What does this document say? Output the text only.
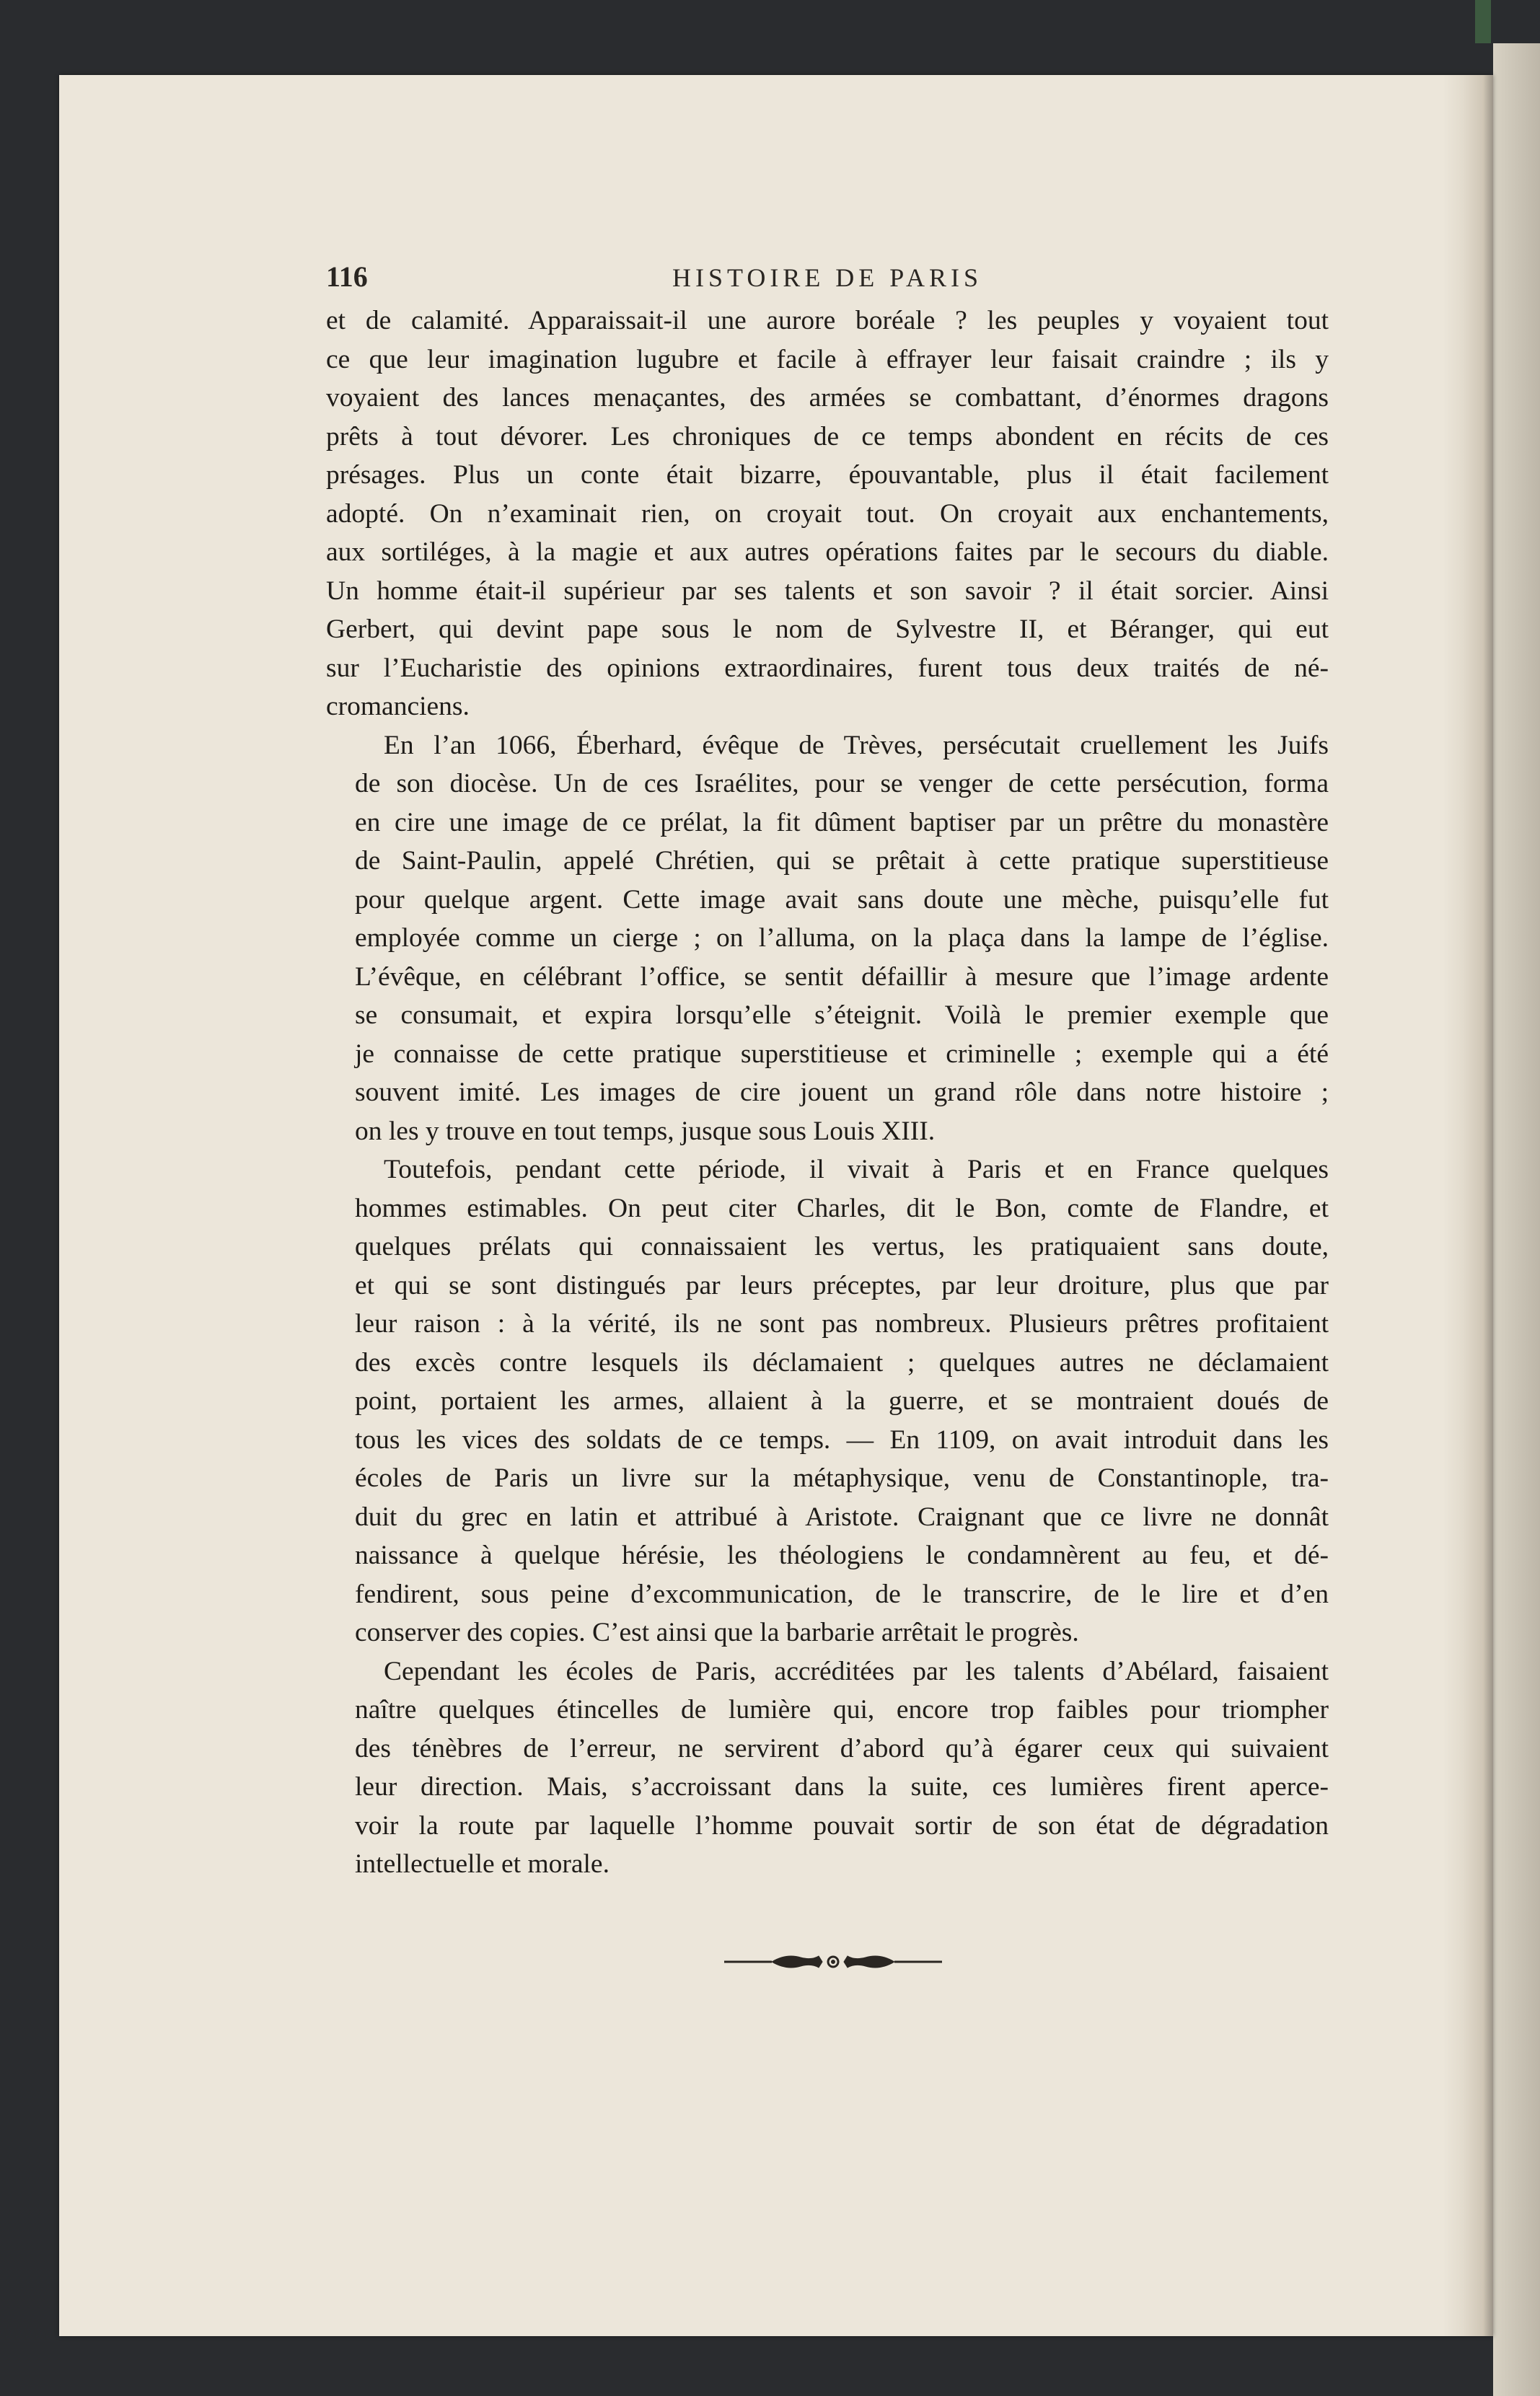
116	HISTOIRE DE PARIS
et de calamité. Apparaissait-il une aurore boréale ? les peuples y voyaient tout
ce que leur imagination lugubre et facile à effrayer leur faisait craindre ; ils y
voyaient des lances menaçantes, des armées se combattant, d’énormes dragons
prêts à tout dévorer. Les chroniques de ce temps abondent en récits de ces
présages. Plus un conte était bizarre, épouvantable, plus il était facilement
adopté. On n’examinait rien, on croyait tout. On croyait aux enchantements,
aux sortiléges, à la magie et aux autres opérations faites par le secours du diable.
Un homme était-il supérieur par ses talents et son savoir ? il était sorcier. Ainsi
Gerbert, qui devint pape sous le nom de Sylvestre II, et Béranger, qui eut
sur l’Eucharistie des opinions extraordinaires, furent tous deux traités de né-
cromanciens.
En l’an 1066, Éberhard, évêque de Trèves, persécutait cruellement les Juifs
de son diocèse. Un de ces Israélites, pour se venger de cette persécution, forma
en cire une image de ce prélat, la fit dûment baptiser par un prêtre du monastère
de Saint-Paulin, appelé Chrétien, qui se prêtait à cette pratique superstitieuse
pour quelque argent. Cette image avait sans doute une mèche, puisqu’elle fut
employée comme un cierge ; on l’alluma, on la plaça dans la lampe de l’église.
L’évêque, en célébrant l’office, se sentit défaillir à mesure que l’image ardente
se consumait, et expira lorsqu’elle s’éteignit. Voilà le premier exemple que
je connaisse de cette pratique superstitieuse et criminelle ; exemple qui a été
souvent imité. Les images de cire jouent un grand rôle dans notre histoire ;
on les y trouve en tout temps, jusque sous Louis XIII.
Toutefois, pendant cette période, il vivait à Paris et en France quelques
hommes estimables. On peut citer Charles, dit le Bon, comte de Flandre, et
quelques prélats qui connaissaient les vertus, les pratiquaient sans doute,
et qui se sont distingués par leurs préceptes, par leur droiture, plus que par
leur raison : à la vérité, ils ne sont pas nombreux. Plusieurs prêtres profitaient
des excès contre lesquels ils déclamaient ; quelques autres ne déclamaient
point, portaient les armes, allaient à la guerre, et se montraient doués de
tous les vices des soldats de ce temps. — En 1109, on avait introduit dans les
écoles de Paris un livre sur la métaphysique, venu de Constantinople, tra-
duit du grec en latin et attribué à Aristote. Craignant que ce livre ne donnât
naissance à quelque hérésie, les théologiens le condamnèrent au feu, et dé-
fendirent, sous peine d’excommunication, de le transcrire, de le lire et d’en
conserver des copies. C’est ainsi que la barbarie arrêtait le progrès.
Cependant les écoles de Paris, accréditées par les talents d’Abélard, faisaient
naître quelques étincelles de lumière qui, encore trop faibles pour triompher
des ténèbres de l’erreur, ne servirent d’abord qu’à égarer ceux qui suivaient
leur direction. Mais, s’accroissant dans la suite, ces lumières firent aperce-
voir la route par laquelle l’homme pouvait sortir de son état de dégradation
intellectuelle et morale.
